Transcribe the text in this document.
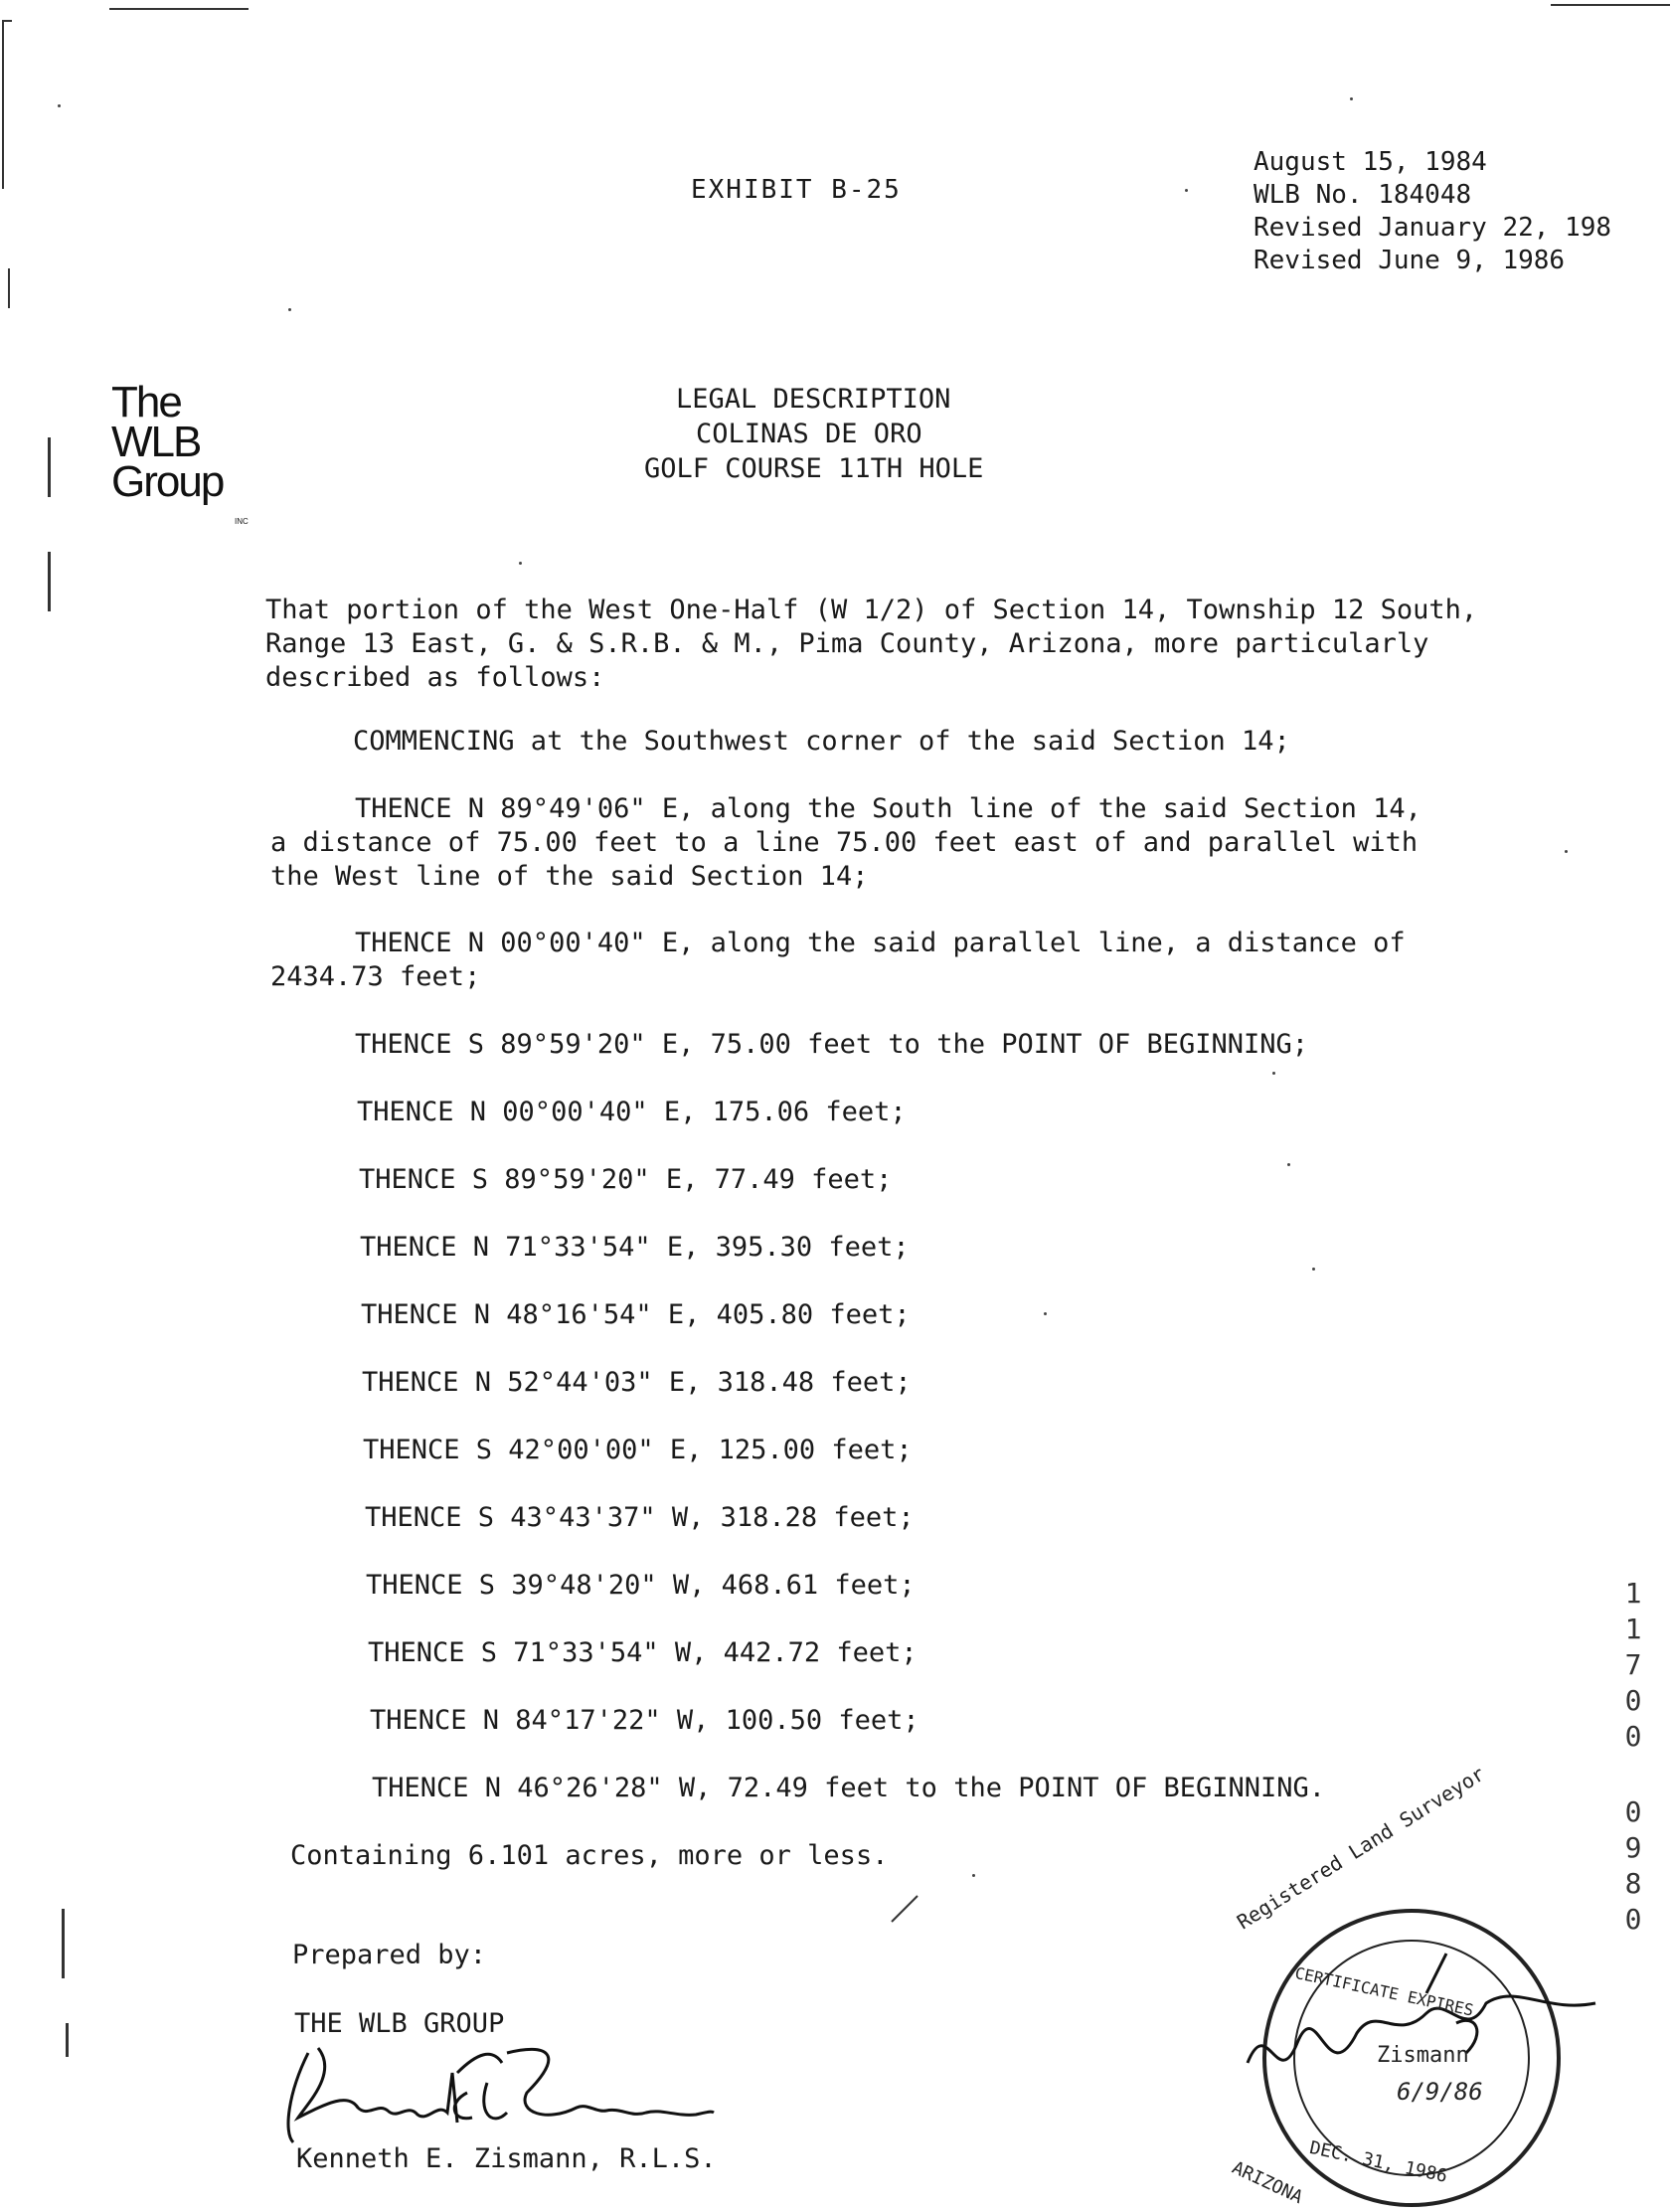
EXHIBIT B-25
August 15, 1984
WLB No. 184048
Revised January 22, 198
Revised June 9, 1986
The
WLB
Group
INC
LEGAL DESCRIPTION
COLINAS DE ORO
GOLF COURSE 11TH HOLE
That portion of the West One-Half (W 1/2) of Section 14, Township 12 South,
Range 13 East, G. & S.R.B. & M., Pima County, Arizona, more particularly
described as follows:
COMMENCING at the Southwest corner of the said Section 14;
THENCE N 89°49'06" E, along the South line of the said Section 14,
a distance of 75.00 feet to a line 75.00 feet east of and parallel with
the West line of the said Section 14;
THENCE N 00°00'40" E, along the said parallel line, a distance of
2434.73 feet;
THENCE S 89°59'20" E, 75.00 feet to the POINT OF BEGINNING;
THENCE N 00°00'40" E, 175.06 feet;
THENCE S 89°59'20" E, 77.49 feet;
THENCE N 71°33'54" E, 395.30 feet;
THENCE N 48°16'54" E, 405.80 feet;
THENCE N 52°44'03" E, 318.48 feet;
THENCE S 42°00'00" E, 125.00 feet;
THENCE S 43°43'37" W, 318.28 feet;
THENCE S 39°48'20" W, 468.61 feet;
THENCE S 71°33'54" W, 442.72 feet;
THENCE N 84°17'22" W, 100.50 feet;
THENCE N 46°26'28" W, 72.49 feet to the POINT OF BEGINNING.
Containing 6.101 acres, more or less.
Prepared by:
THE WLB GROUP
Kenneth E. Zismann, R.L.S.
Registered Land Surveyor
CERTIFICATE EXPIRES
Zismann
6/9/86
DEC. 31, 1986
ARIZONA
1
1
7
0
0
0
9
8
0
